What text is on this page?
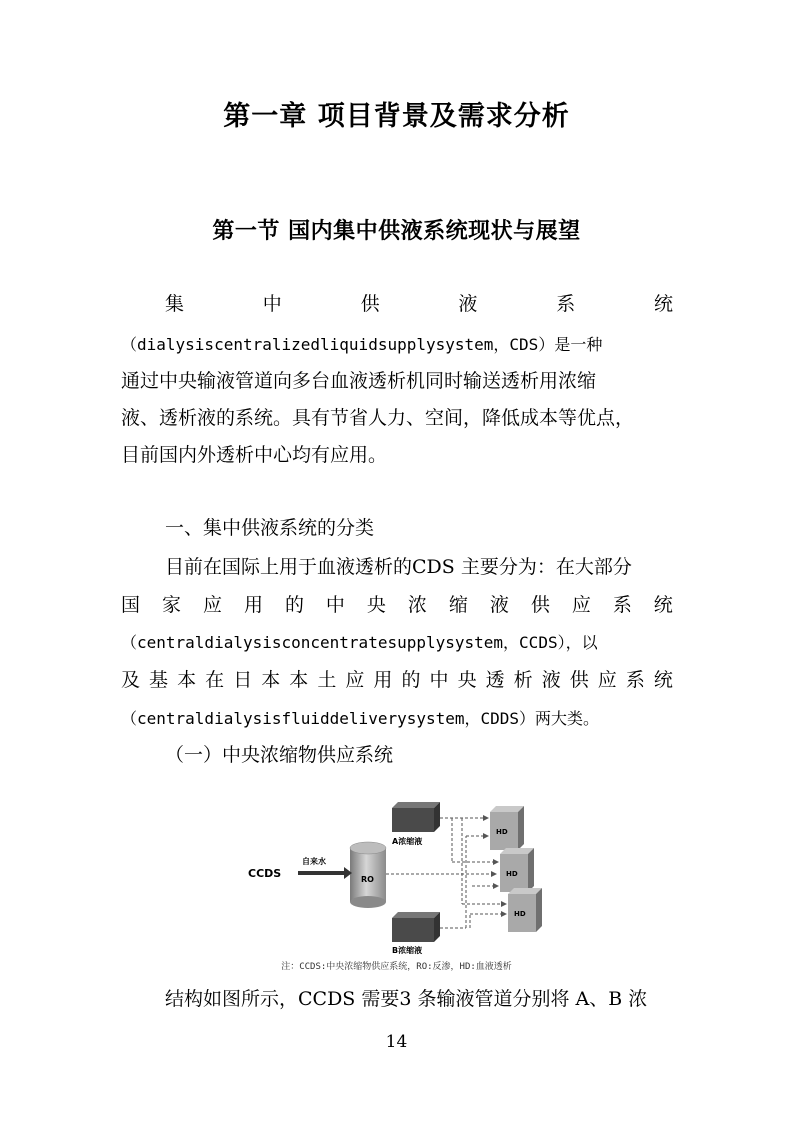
第一章 项目背景及需求分析
第一节 国内集中供液系统现状与展望
集	中	供	液	系	统
（dialysiscentralizedliquidsupplysystem，CDS）是一种
通过中央输液管道向多台血液透析机同时输送透析用浓缩
液、透析液的系统。具有节省人力、空间，降低成本等优点，
目前国内外透析中心均有应用。
一、集中供液系统的分类
目前在国际上用于血液透析的CDS 主要分为：在大部分
国 家 应 用 的 中 央 浓 缩 液 供 应 系 统
（centraldialysisconcentratesupplysystem，CCDS），以
及 基 本 在 日 本 本 土 应 用 的 中 央 透 析 液 供 应 系 统
（centraldialysisfluiddeliverysystem，CDDS）两大类。
（一）中央浓缩物供应系统
A浓缩液
B浓缩液
RO
CCDS
自来水
HD
HD
HD
注：CCDS:中央浓缩物供应系统，RO:反渗，HD:血液透析
结构如图所示，CCDS 需要3 条输液管道分别将 A、B 浓
14
